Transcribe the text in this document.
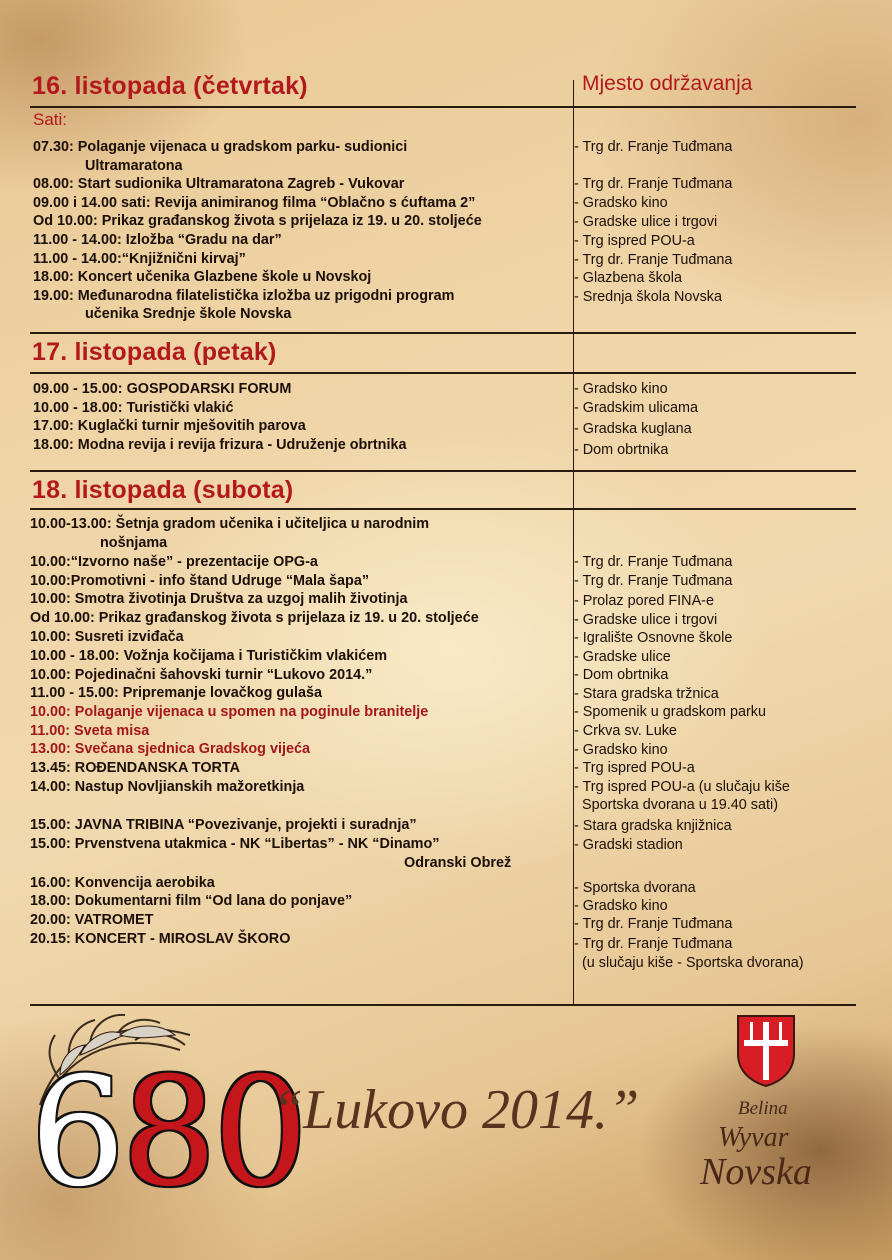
16. listopada (četvrtak)	Mjesto održavanja
Sati:
17. listopada (petak)
18. listopada (subota)
07.30: Polaganje vijenaca u gradskom parku- sudionici
Ultramaratona
08.00: Start sudionika Ultramaratona Zagreb - Vukovar
09.00 i 14.00 sati: Revija animiranog filma “Oblačno s ćuftama 2”
Od 10.00: Prikaz građanskog života s prijelaza iz 19. u 20. stoljeće
11.00 - 14.00: Izložba “Gradu na dar”
11.00 - 14.00:“Knjižnični kirvaj”
18.00: Koncert učenika Glazbene škole u Novskoj
19.00: Međunarodna filatelistička izložba uz prigodni program
učenika Srednje škole Novska
- Trg dr. Franje Tuđmana
- Trg dr. Franje Tuđmana
- Gradsko kino
- Gradske ulice i trgovi
- Trg ispred POU-a
- Trg dr. Franje Tuđmana
- Glazbena škola
- Srednja škola Novska
09.00 - 15.00: GOSPODARSKI FORUM
10.00 - 18.00: Turistički vlakić
17.00: Kuglački turnir mješovitih parova
18.00: Modna revija i revija frizura - Udruženje obrtnika
- Gradsko kino
- Gradskim ulicama
- Gradska kuglana
- Dom obrtnika
10.00-13.00: Šetnja gradom učenika i učiteljica u narodnim
nošnjama
10.00:“Izvorno naše” - prezentacije OPG-a
10.00:Promotivni - info štand Udruge “Mala šapa”
10.00: Smotra životinja Društva za uzgoj malih životinja
Od 10.00: Prikaz građanskog života s prijelaza iz 19. u 20. stoljeće
10.00: Susreti izviđača
10.00 - 18.00: Vožnja kočijama i Turističkim vlakićem
10.00: Pojedinačni šahovski turnir “Lukovo 2014.”
11.00 - 15.00: Pripremanje lovačkog gulaša
10.00: Polaganje vijenaca u spomen na poginule branitelje
11.00: Sveta misa
13.00: Svečana sjednica Gradskog vijeća
13.45: ROĐENDANSKA TORTA
14.00: Nastup Novljianskih mažoretkinja
15.00: JAVNA TRIBINA “Povezivanje, projekti i suradnja”
15.00: Prvenstvena utakmica - NK “Libertas” - NK “Dinamo”
Odranski Obrež
16.00: Konvencija aerobika
18.00: Dokumentarni film “Od lana do ponjave”
20.00: VATROMET
20.15: KONCERT - MIROSLAV ŠKORO
- Trg dr. Franje Tuđmana
- Trg dr. Franje Tuđmana
- Prolaz pored FINA-e
- Gradske ulice i trgovi
- Igralište Osnovne škole
- Gradske ulice
- Dom obrtnika
- Stara gradska tržnica
- Spomenik u gradskom parku
- Crkva sv. Luke
- Gradsko kino
- Trg ispred POU-a
- Trg ispred POU-a (u slučaju kiše
Sportska dvorana u 19.40 sati)
- Stara gradska knjižnica
- Gradski stadion
- Sportska dvorana
- Gradsko kino
- Trg dr. Franje Tuđmana
- Trg dr. Franje Tuđmana
(u slučaju kiše - Sportska dvorana)
680
“Lukovo 2014.”	Belina
Wyvar
Novska
